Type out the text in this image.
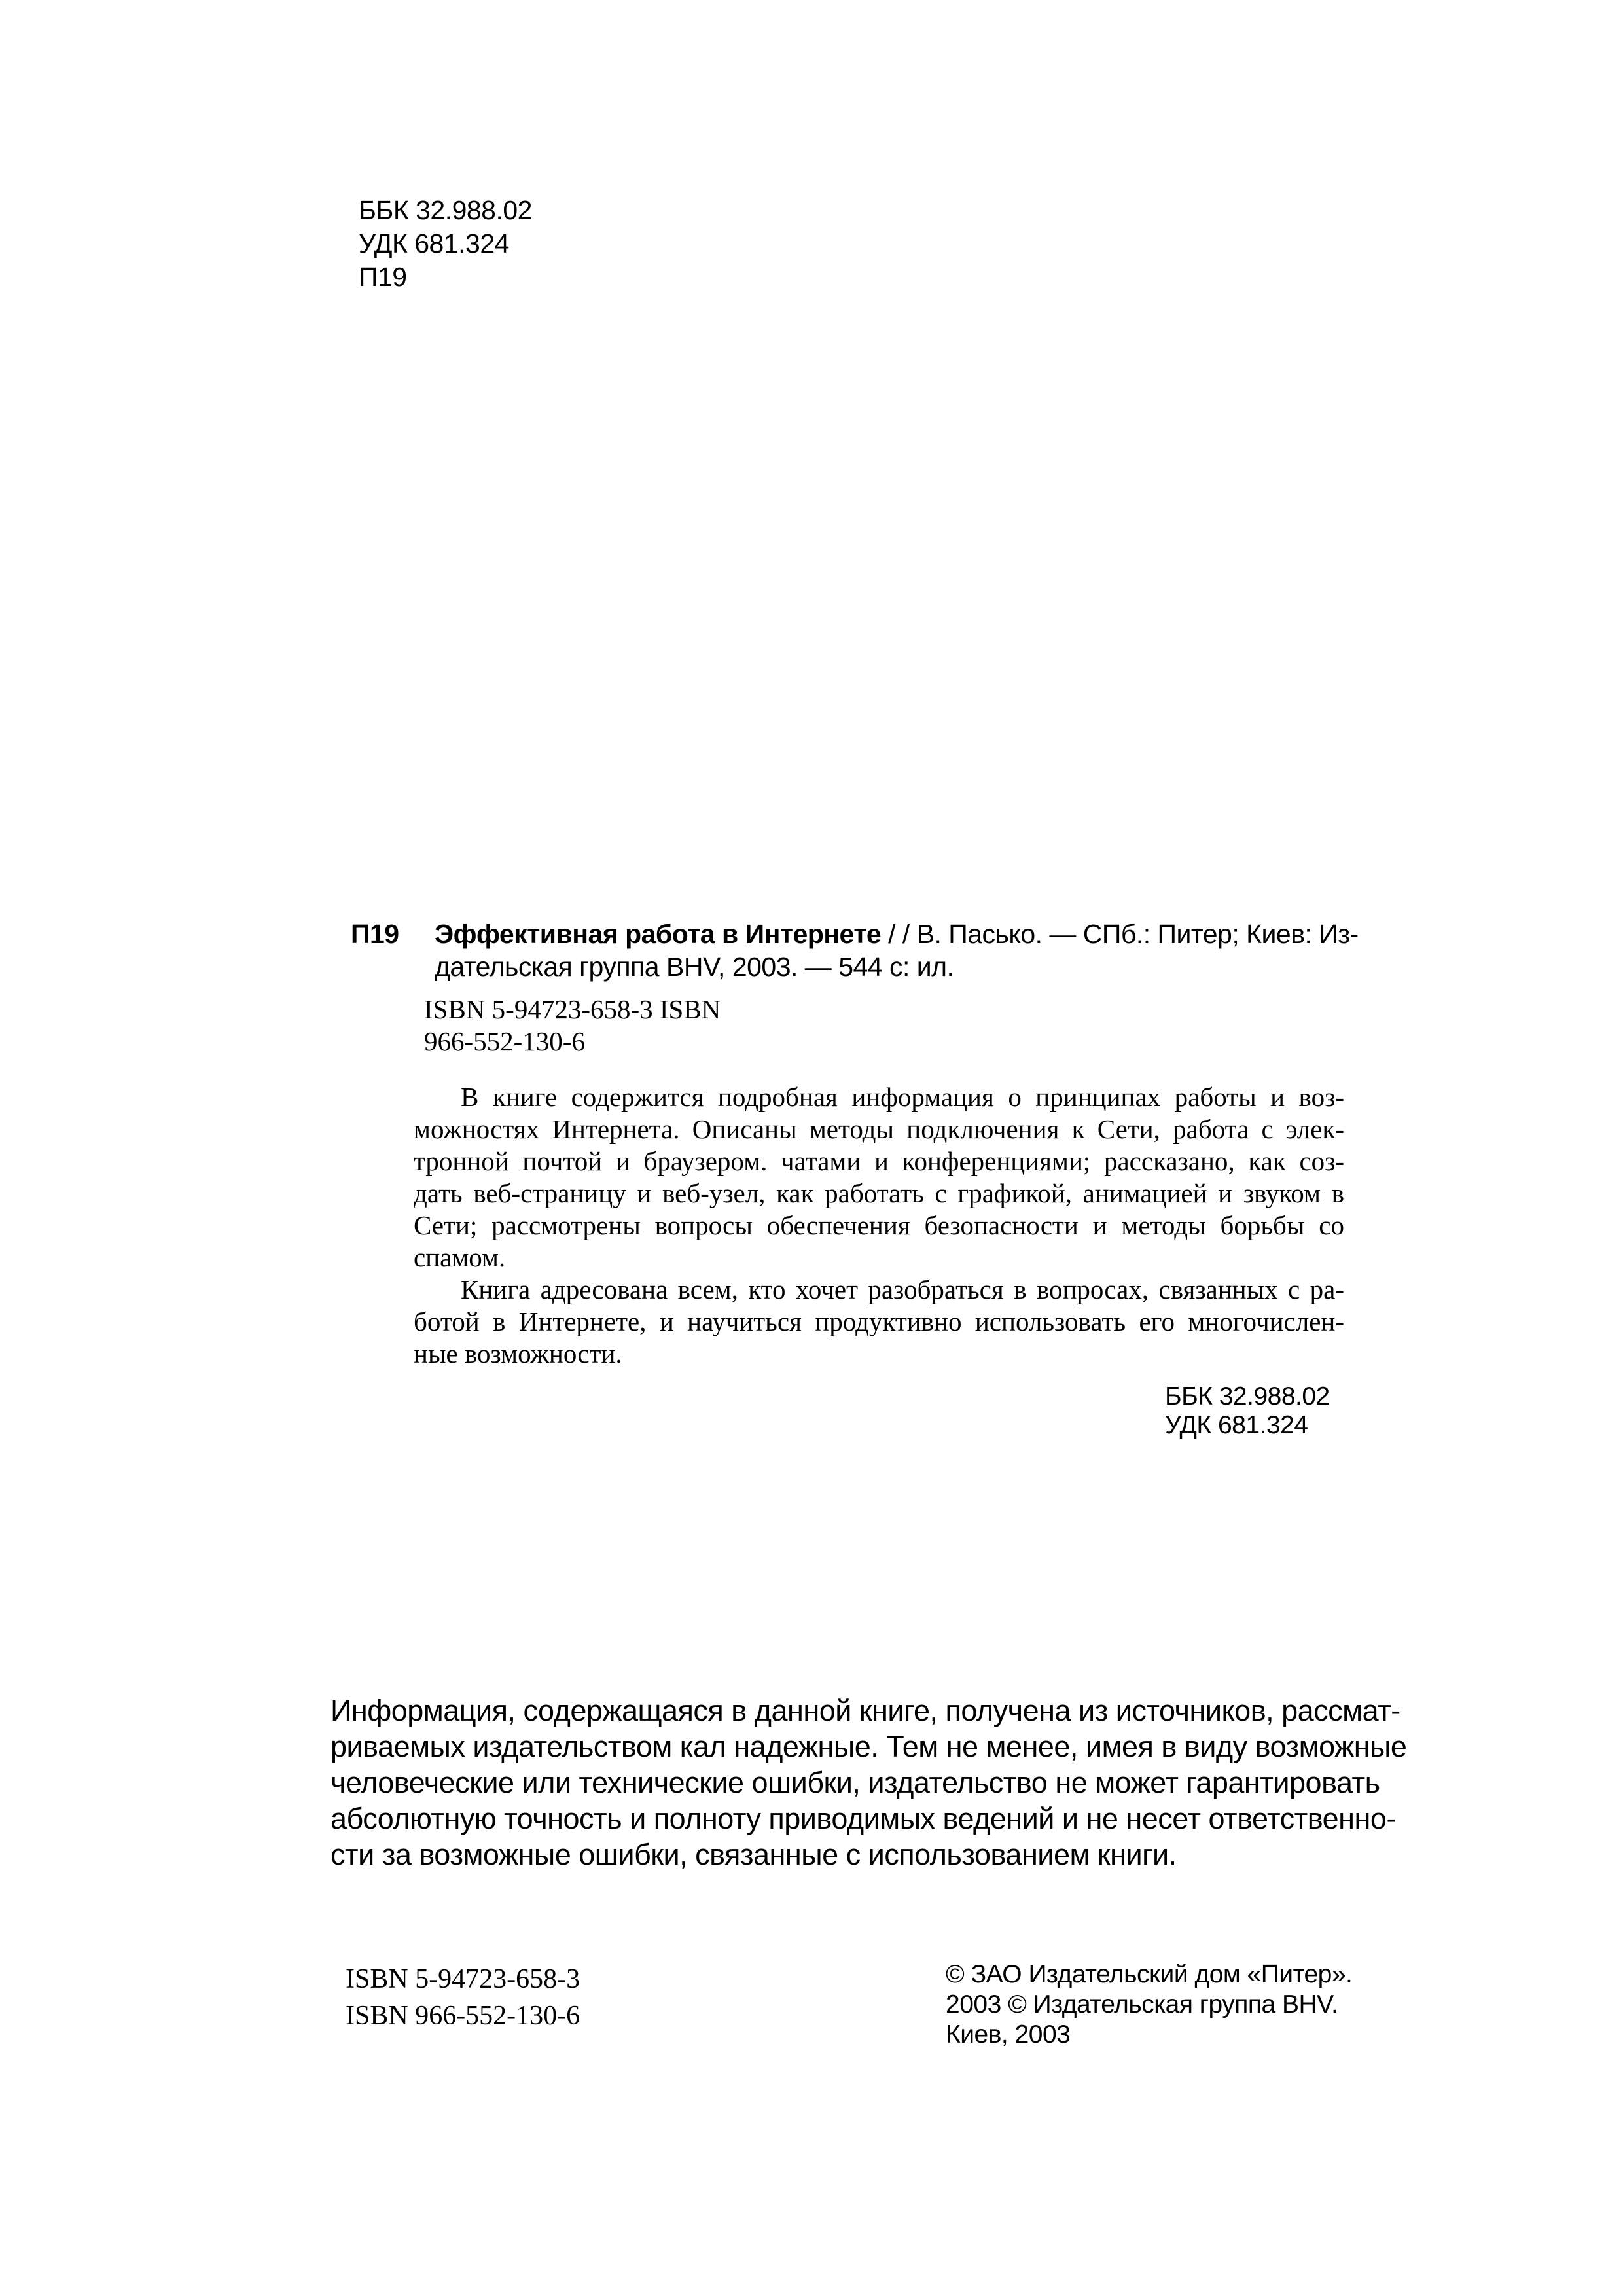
ББК 32.988.02
УДК 681.324
П19
П19	Эффективная работа в Интернете / / В. Пасько. — СПб.: Питер; Киев: Из-
дательская группа BHV, 2003. — 544 с: ил.
ISBN 5-94723-658-3 ISBN
966-552-130-6
В книге содержится подробная информация о принципах работы и воз-
можностях Интернета. Описаны методы подключения к Сети, работа с элек-
тронной почтой и браузером. чатами и конференциями; рассказано, как соз-
дать веб-страницу и веб-узел, как работать с графикой, анимацией и звуком в
Сети; рассмотрены вопросы обеспечения безопасности и методы борьбы со
спамом.
Книга адресована всем, кто хочет разобраться в вопросах, связанных с ра-
ботой в Интернете, и научиться продуктивно использовать его многочислен-
ные возможности.
ББК 32.988.02
УДК 681.324
Информация, содержащаяся в данной книге, получена из источников, рассмат-
риваемых издательством кал надежные. Тем не менее, имея в виду возможные
человеческие или технические ошибки, издательство не может гарантировать
абсолютную точность и полноту приводимых ведений и не несет ответственно-
сти за возможные ошибки, связанные с использованием книги.
ISBN 5-94723-658-3
ISBN 966-552-130-6
© ЗАО Издательский дом «Питер».
2003 © Издательская группа BHV.
Киев, 2003
